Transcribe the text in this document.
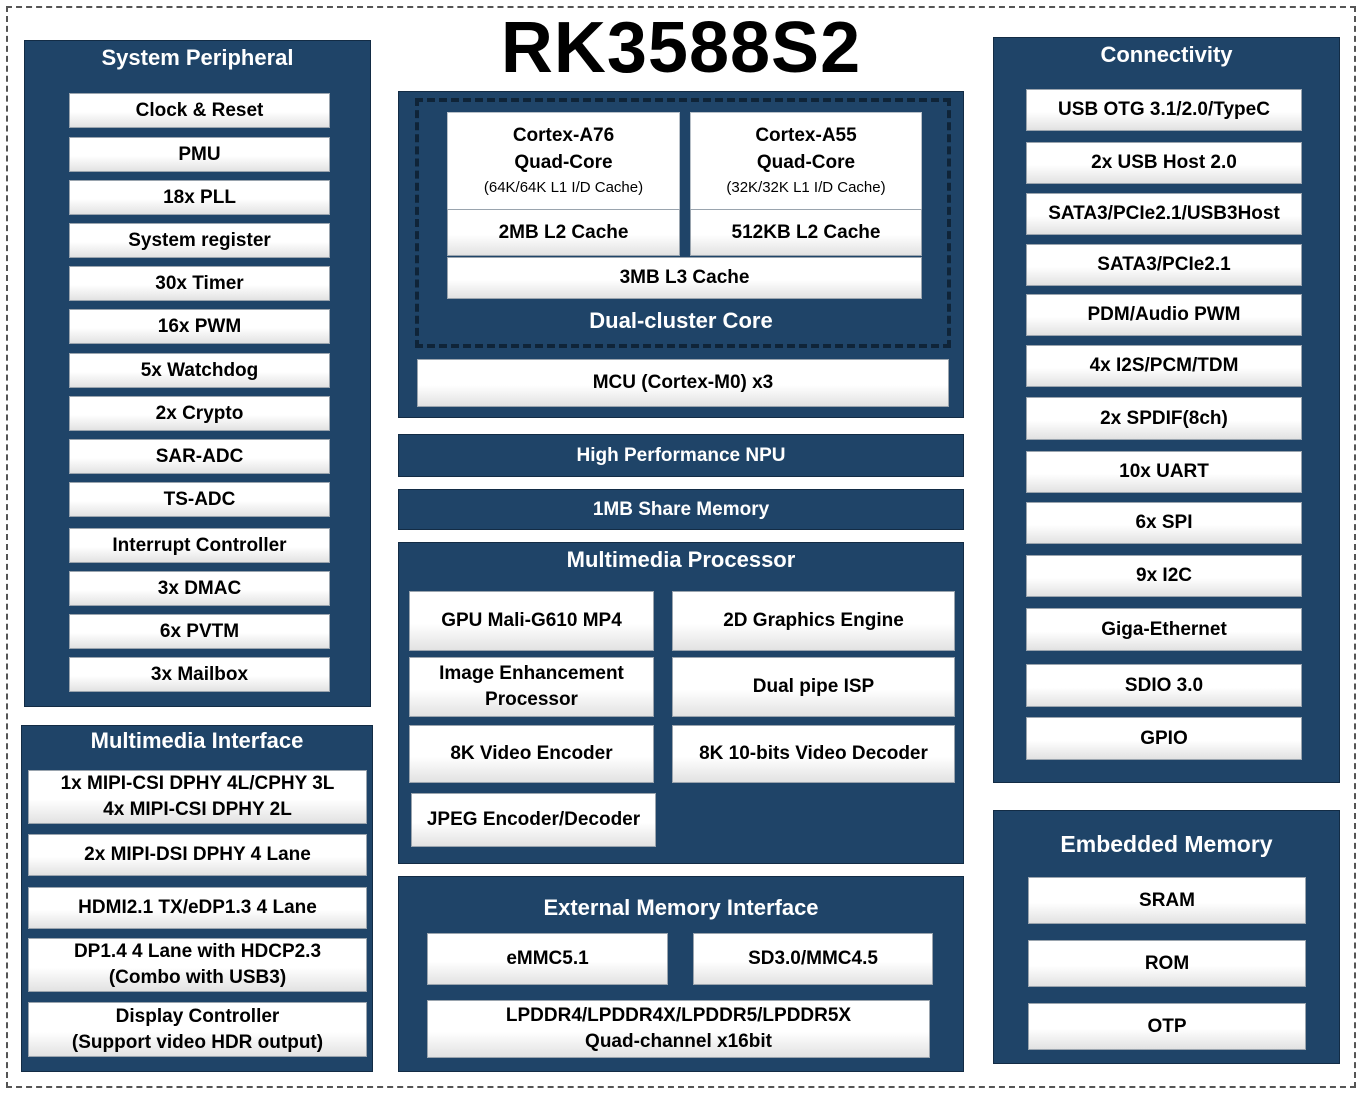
RK3588S2
System Peripheral
Clock & Reset
PMU
18x PLL
System register
30x Timer
16x PWM
5x Watchdog
2x Crypto
SAR-ADC
TS-ADC
Interrupt Controller
3x DMAC
6x PVTM
3x Mailbox
Multimedia Interface
1x MIPI-CSI DPHY 4L/CPHY 3L
4x MIPI-CSI DPHY 2L
2x MIPI-DSI DPHY 4 Lane
HDMI2.1 TX/eDP1.3 4 Lane
DP1.4 4 Lane with HDCP2.3
(Combo with USB3)
Display Controller
(Support video HDR output)
Cortex-A76
Quad-Core
(64K/64K L1 I/D Cache)
Cortex-A55
Quad-Core
(32K/32K L1 I/D Cache)
2MB L2 Cache	512KB L2 Cache
3MB L3 Cache
Dual-cluster Core
MCU (Cortex-M0) x3
High Performance NPU
1MB Share Memory
Multimedia Processor
GPU Mali-G610 MP4	2D Graphics Engine
Image Enhancement
Processor
Dual pipe ISP
8K Video Encoder	8K 10-bits Video Decoder
JPEG Encoder/Decoder
External Memory Interface
eMMC5.1	SD3.0/MMC4.5
LPDDR4/LPDDR4X/LPDDR5/LPDDR5X
Quad-channel x16bit
Connectivity
USB OTG 3.1/2.0/TypeC
2x USB Host 2.0
SATA3/PCIe2.1/USB3Host
SATA3/PCIe2.1
PDM/Audio PWM
4x I2S/PCM/TDM
2x SPDIF(8ch)
10x UART
6x SPI
9x I2C
Giga-Ethernet
SDIO 3.0
GPIO
Embedded Memory
SRAM
ROM
OTP
